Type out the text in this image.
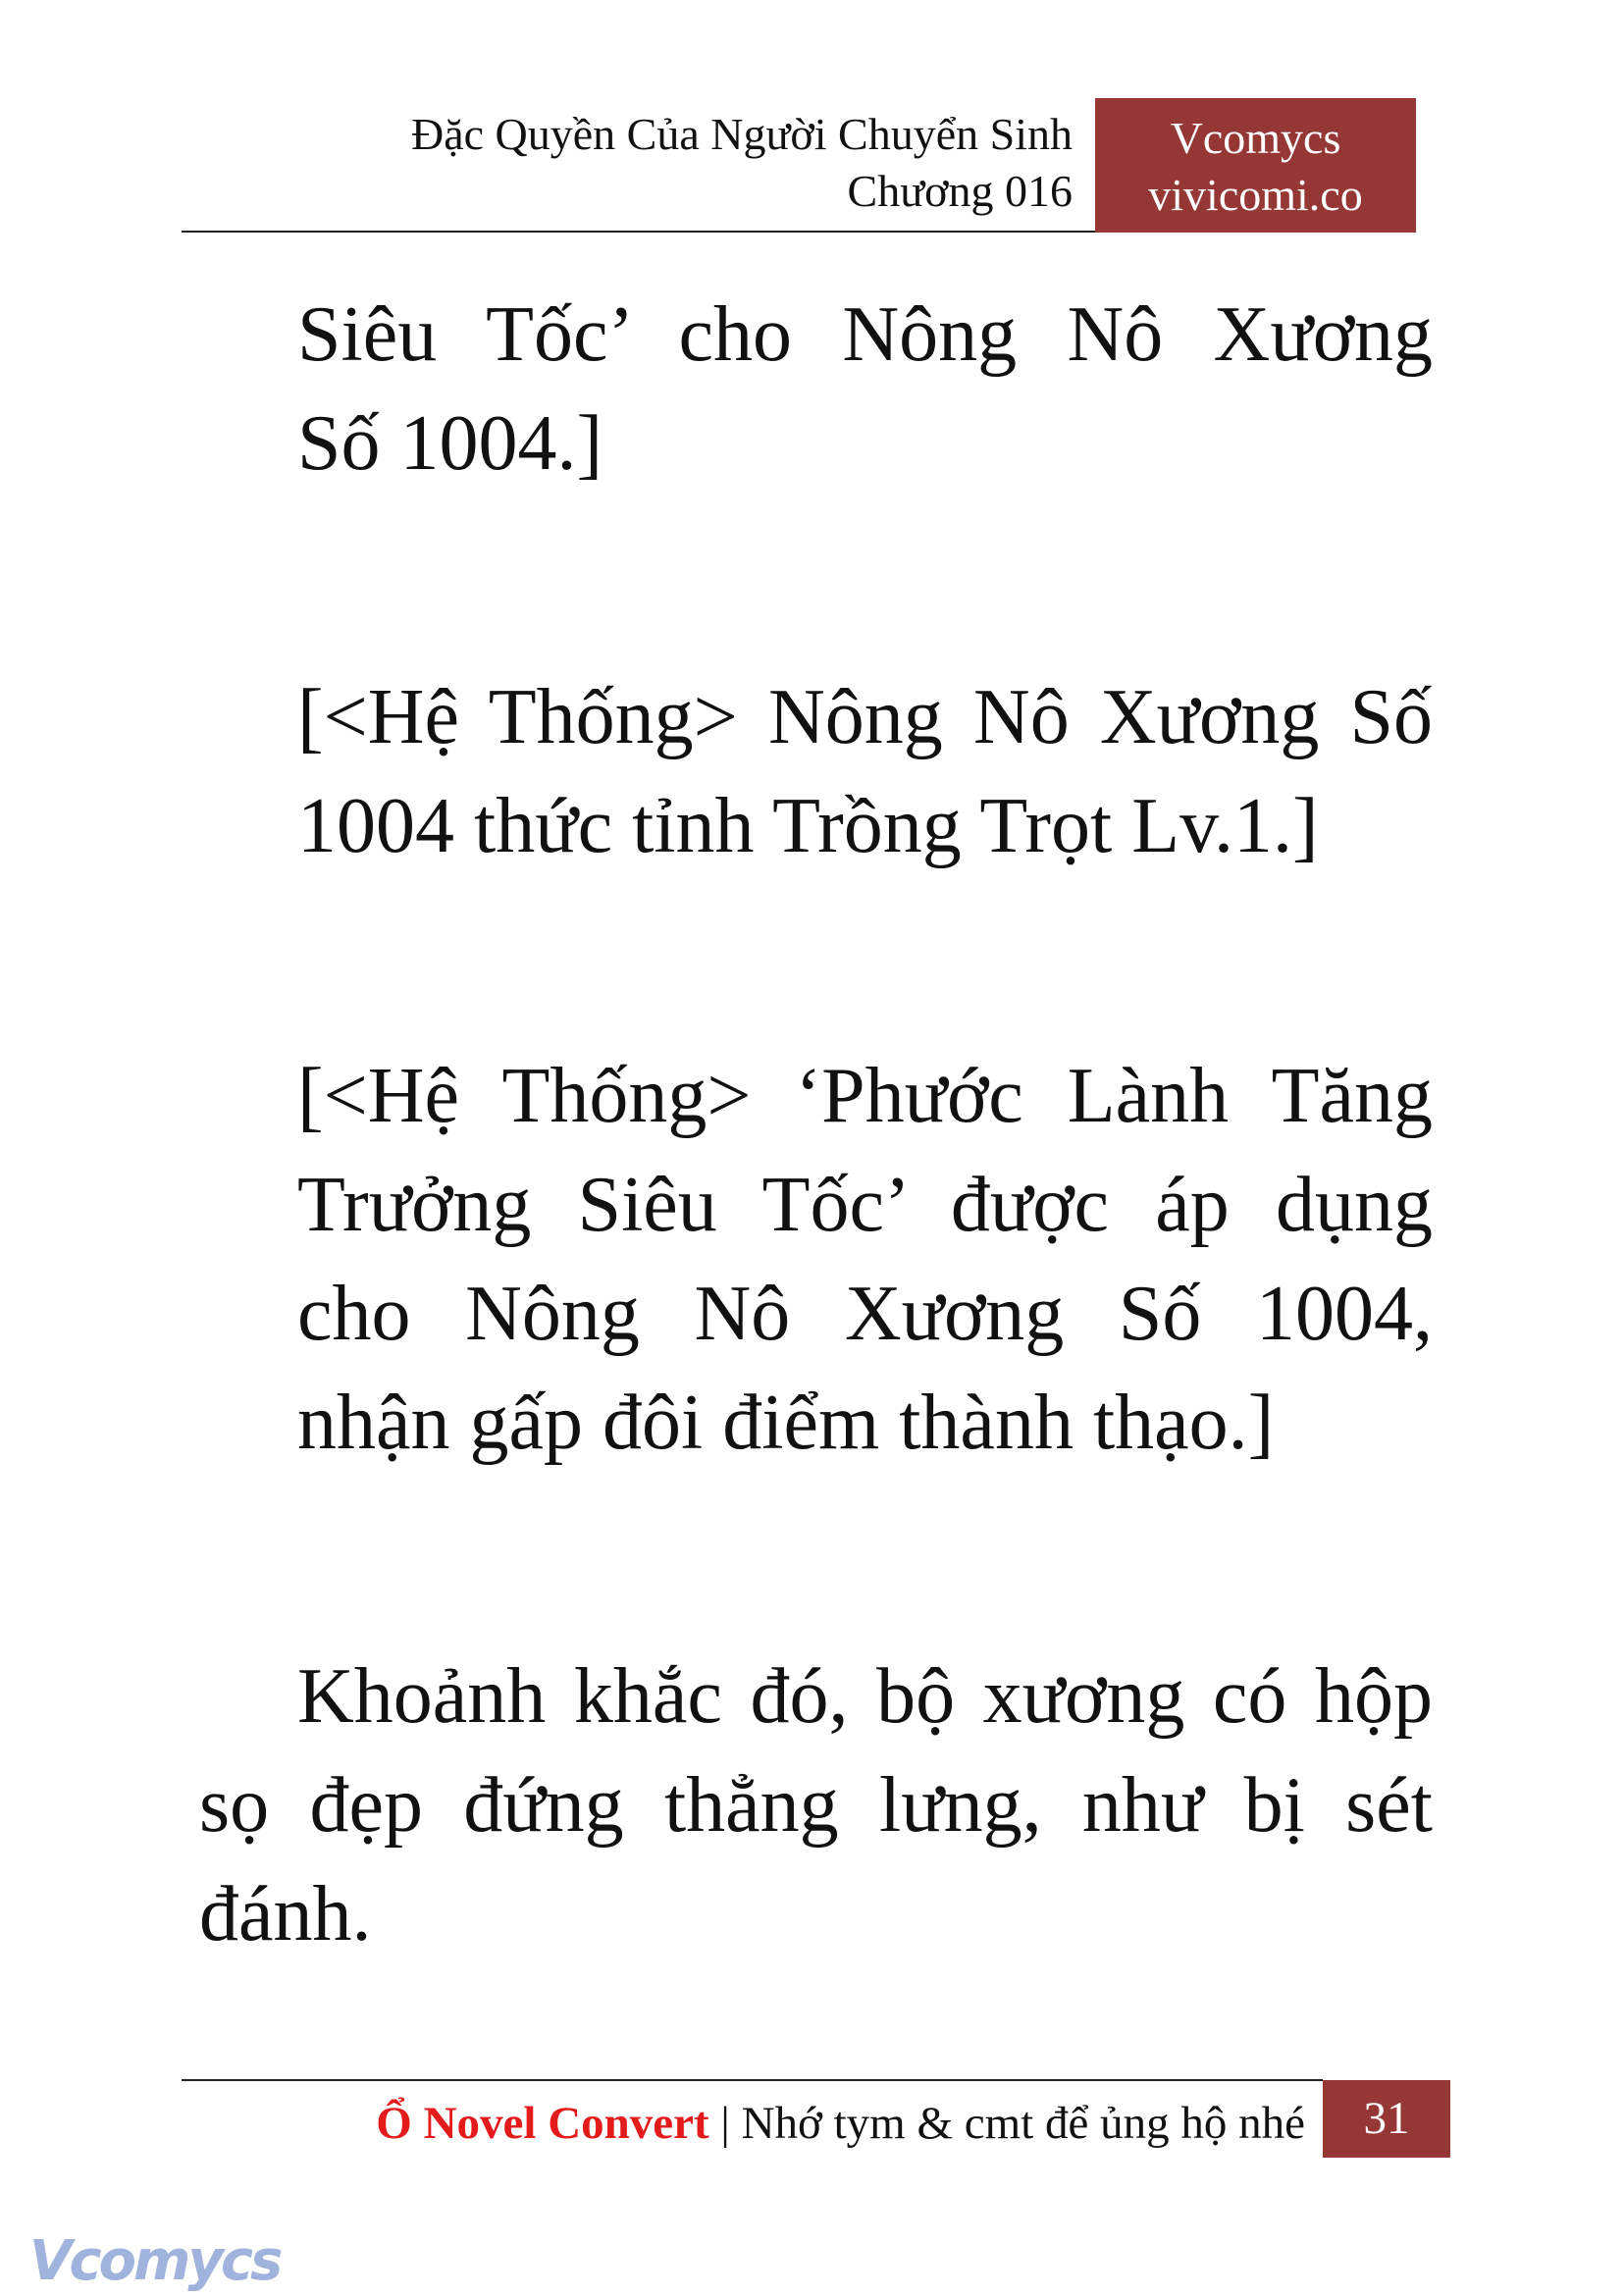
Đặc Quyền Của Người Chuyển Sinh
Chương 016
Vcomycs
vivicomi.co
Siêu Tốc’ cho Nông Nô Xương
Số 1004.]
[<Hệ Thống> Nông Nô Xương Số
1004 thức tỉnh Trồng Trọt Lv.1.]
[<Hệ Thống> ‘Phước Lành Tăng
Trưởng Siêu Tốc’ được áp dụng
cho Nông Nô Xương Số 1004,
nhận gấp đôi điểm thành thạo.]
Khoảnh khắc đó, bộ xương có hộp
sọ đẹp đứng thẳng lưng, như bị sét
đánh.
Ổ Novel Convert | Nhớ tym & cmt để ủng hộ nhé	31
Vcomycs
